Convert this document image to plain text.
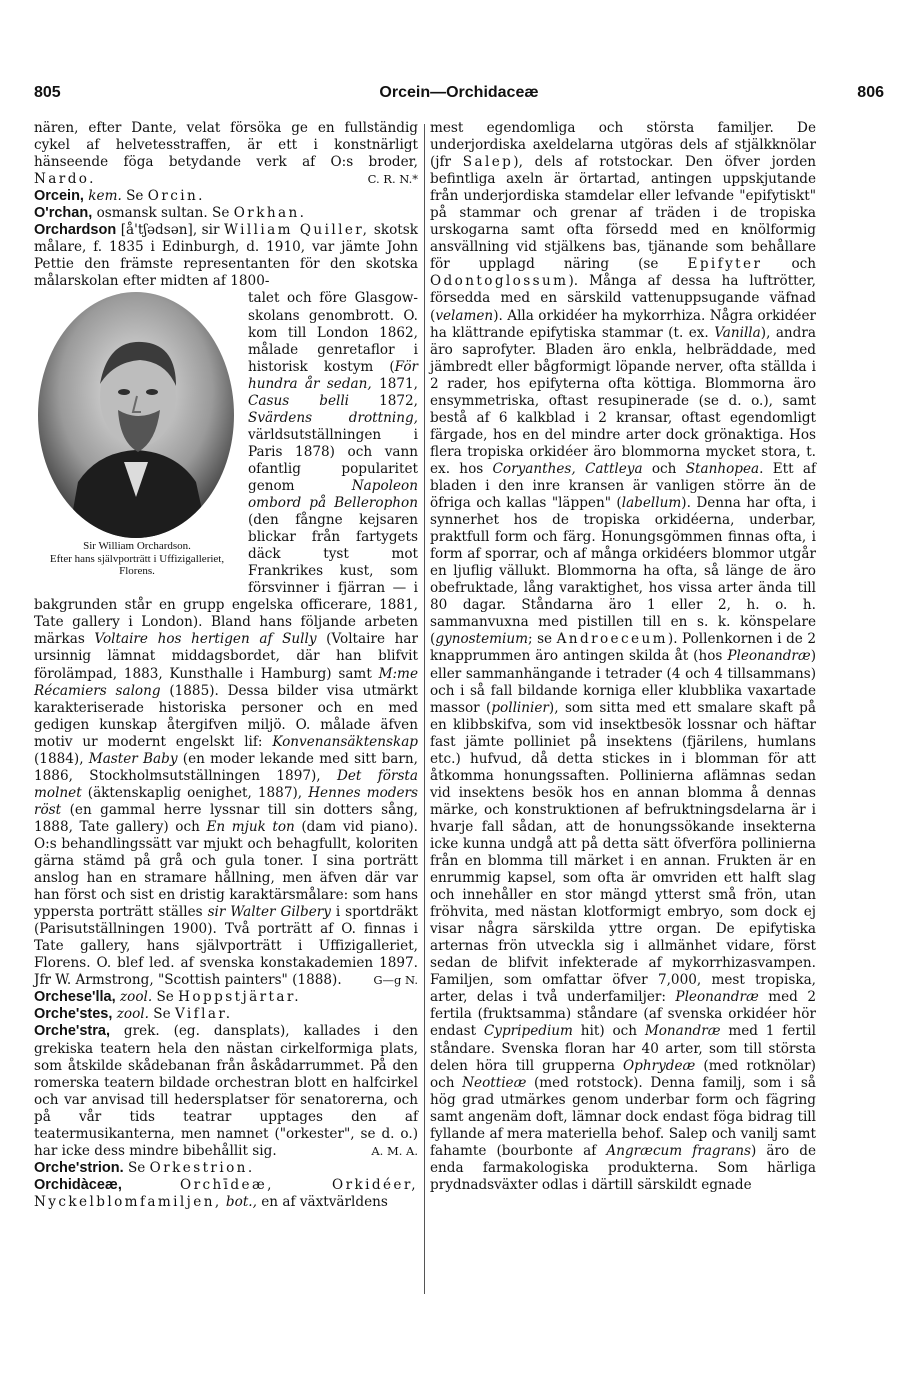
805	Orcein—Orchidaceæ	806

nären, efter Dante, velat försöka ge en fullständig cykel af helvetesstraffen, är ett i konstnärligt hänseende föga betydande verk af O:s broder, Nardo.	C. R. N.*

Orcein, kem. Se Orcin.

O'rchan, osmansk sultan. Se Orkhan.

Orchardson [å'tʃədsən], sir William Quiller, skotsk målare, f. 1835 i Edinburgh, d. 1910, var jämte John Pettie den främste representanten för den skotska målarskolan efter midten af 1800-

Sir William Orchardson.
Efter hans självporträtt i Uffizigalleriet, Florens.

talet och före Glasgow-skolans genombrott. O. kom till London 1862, målade genretaflor i historisk kostym (För hundra år sedan, 1871, Casus belli 1872, Svärdens drottning, världsutställningen i Paris 1878) och vann ofantlig popularitet genom Napoleon ombord på Bellerophon (den fångne kejsaren blickar från fartygets däck tyst mot Frankrikes kust, som försvinner i fjärran — i bakgrunden står en grupp engelska officerare, 1881, Tate gallery i London). Bland hans följande arbeten märkas Voltaire hos hertigen af Sully (Voltaire har ursinnig lämnat middagsbordet, där han blifvit förolämpad, 1883, Kunsthalle i Hamburg) samt M:me Récamiers salong (1885). Dessa bilder visa utmärkt karakteriserade historiska personer och en med gedigen kunskap återgifven miljö. O. målade äfven motiv ur modernt engelskt lif: Konvenansäktenskap (1884), Master Baby (en moder lekande med sitt barn, 1886, Stockholmsutställningen 1897), Det första molnet (äktenskaplig oenighet, 1887), Hennes moders röst (en gammal herre lyssnar till sin dotters sång, 1888, Tate gallery) och En mjuk ton (dam vid piano). O:s behandlingssätt var mjukt och behagfullt, koloriten gärna stämd på grå och gula toner. I sina porträtt anslog han en stramare hållning, men äfven där var han först och sist en dristig karaktärsmålare: som hans yppersta porträtt ställes sir Walter Gilbery i sportdräkt (Parisutställningen 1900). Två porträtt af O. finnas i Tate gallery, hans självporträtt i Uffizigalleriet, Florens. O. blef led. af svenska konstakademien 1897. Jfr W. Armstrong, "Scottish painters" (1888).	G—g N.

Orchese'lla, zool. Se Hoppstjärtar.

Orche'stes, zool. Se Viflar.

Orche'stra, grek. (eg. dansplats), kallades i den grekiska teatern hela den nästan cirkelformiga plats, som åtskilde skådebanan från åskådarrummet. På den romerska teatern bildade orchestran blott en halfcirkel och var anvisad till hedersplatser för senatorerna, och på vår tids teatrar upptages den af teatermusikanterna, men namnet ("orkester", se d. o.) har icke dess mindre bibehållit sig.	A. M. A.

Orche'strion. Se Orkestrion.

Orchidàceæ, Orchīdeæ, Orkidéer, Nyckelblomfamiljen, bot., en af växtvärldens

mest egendomliga och största familjer. De underjordiska axeldelarna utgöras dels af stjälkknölar (jfr Salep), dels af rotstockar. Den öfver jorden befintliga axeln är örtartad, antingen uppskjutande från underjordiska stamdelar eller lefvande "epifytiskt" på stammar och grenar af träden i de tropiska urskogarna samt ofta försedd med en knölformig ansvällning vid stjälkens bas, tjänande som behållare för upplagd näring (se Epifyter och Odontoglossum). Många af dessa ha luftrötter, försedda med en särskild vattenuppsugande väfnad (velamen). Alla orkidéer ha mykorrhiza. Några orkidéer ha klättrande epifytiska stammar (t. ex. Vanilla), andra äro saprofyter. Bladen äro enkla, helbräddade, med jämbredt eller bågformigt löpande nerver, ofta ställda i 2 rader, hos epifyterna ofta köttiga. Blommorna äro ensymmetriska, oftast resupinerade (se d. o.), samt bestå af 6 kalkblad i 2 kransar, oftast egendomligt färgade, hos en del mindre arter dock grönaktiga. Hos flera tropiska orkidéer äro blommorna mycket stora, t. ex. hos Coryanthes, Cattleya och Stanhopea. Ett af bladen i den inre kransen är vanligen större än de öfriga och kallas "läppen" (labellum). Denna har ofta, i synnerhet hos de tropiska orkidéerna, underbar, praktfull form och färg. Honungsgömmen finnas ofta, i form af sporrar, och af många orkidéers blommor utgår en ljuflig vällukt. Blommorna ha ofta, så länge de äro obefruktade, lång varaktighet, hos vissa arter ända till 80 dagar. Ståndarna äro 1 eller 2, h. o. h. sammanvuxna med pistillen till en s. k. könspelare (gynostemium; se Androeceum). Pollenkornen i de 2 knapprummen äro antingen skilda åt (hos Pleonandræ) eller sammanhängande i tetrader (4 och 4 tillsammans) och i så fall bildande korniga eller klubblika vaxartade massor (pollinier), som sitta med ett smalare skaft på en klibbskifva, som vid insektbesök lossnar och häftar fast jämte polliniet på insektens (fjärilens, humlans etc.) hufvud, då detta stickes in i blomman för att åtkomma honungssaften. Pollinierna aflämnas sedan vid insektens besök hos en annan blomma å dennas märke, och konstruktionen af befruktningsdelarna är i hvarje fall sådan, att de honungssökande insekterna icke kunna undgå att på detta sätt öfverföra pollinierna från en blomma till märket i en annan. Frukten är en enrummig kapsel, som ofta är omvriden ett halft slag och innehåller en stor mängd ytterst små frön, utan fröhvita, med nästan klotformigt embryo, som dock ej visar några särskilda yttre organ. De epifytiska arternas frön utveckla sig i allmänhet vidare, först sedan de blifvit infekterade af mykorrhizasvampen. Familjen, som omfattar öfver 7,000, mest tropiska, arter, delas i två underfamiljer: Pleonandræ med 2 fertila (fruktsamma) ståndare (af svenska orkidéer hör endast Cypripedium hit) och Monandræ med 1 fertil ståndare. Svenska floran har 40 arter, som till största delen höra till grupperna Ophrydeæ (med rotknölar) och Neottieæ (med rotstock). Denna familj, som i så hög grad utmärkes genom underbar form och fägring samt angenäm doft, lämnar dock endast föga bidrag till fyllande af mera materiella behof. Salep och vanilj samt fahamte (bourbonte af Angræcum fragrans) äro de enda farmakologiska produkterna. Som härliga prydnadsväxter odlas i därtill särskildt egnade
